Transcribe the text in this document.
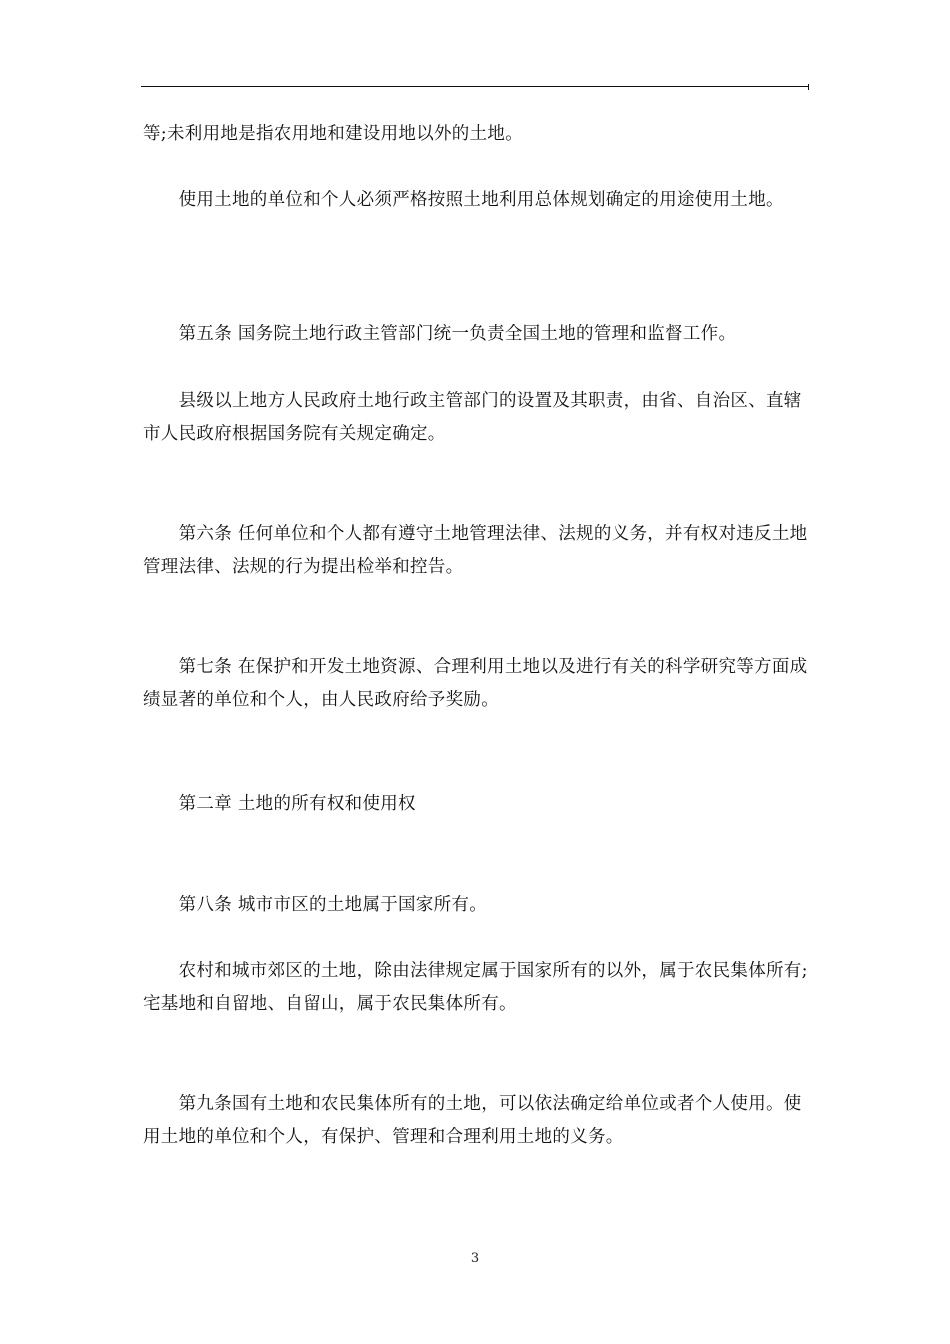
等;未利用地是指农用地和建设用地以外的土地。

　　使用土地的单位和个人必须严格按照土地利用总体规划确定的用途使用土地。

　　第五条 国务院土地行政主管部门统一负责全国土地的管理和监督工作。

　　县级以上地方人民政府土地行政主管部门的设置及其职责，由省、自治区、直辖市人民政府根据国务院有关规定确定。

　　第六条 任何单位和个人都有遵守土地管理法律、法规的义务，并有权对违反土地管理法律、法规的行为提出检举和控告。

　　第七条 在保护和开发土地资源、合理利用土地以及进行有关的科学研究等方面成绩显著的单位和个人，由人民政府给予奖励。

　　第二章 土地的所有权和使用权

　　第八条 城市市区的土地属于国家所有。

　　农村和城市郊区的土地，除由法律规定属于国家所有的以外，属于农民集体所有;宅基地和自留地、自留山，属于农民集体所有。

　　第九条国有土地和农民集体所有的土地，可以依法确定给单位或者个人使用。使用土地的单位和个人，有保护、管理和合理利用土地的义务。

3
